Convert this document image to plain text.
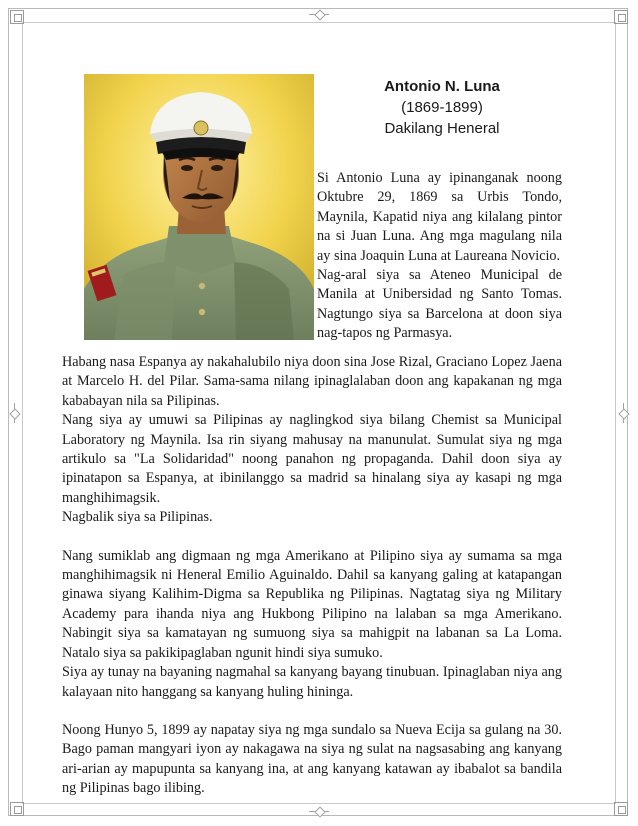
Antonio N. Luna
(1869-1899)
Dakilang Heneral

Si Antonio Luna ay ipinanganak noong Oktubre 29, 1869 sa Urbis Tondo, Maynila, Kapatid niya ang kilalang pintor na si Juan Luna. Ang mga magulang nila ay sina Joaquin Luna at Laureana Novicio.

Nag-aral siya sa Ateneo Municipal de Manila at Unibersidad ng Santo Tomas. Nagtungo siya sa Barcelona at doon siya nag-tapos ng Parmasya.

Habang nasa Espanya ay nakahalubilo niya doon sina Jose Rizal, Graciano Lopez Jaena at Marcelo H. del Pilar. Sama-sama nilang ipinaglalaban doon ang kapakanan ng mga kababayan nila sa Pilipinas.

Nang siya ay umuwi sa Pilipinas ay naglingkod siya bilang Chemist sa Municipal Laboratory ng Maynila. Isa rin siyang mahusay na manunulat. Sumulat siya ng mga artikulo sa "La Solidaridad" noong panahon ng propaganda. Dahil doon siya ay ipinatapon sa Espanya, at ibinilanggo sa madrid sa hinalang siya ay kasapi ng mga manghihimagsik.

Nagbalik siya sa Pilipinas.

Nang sumiklab ang digmaan ng mga Amerikano at Pilipino siya ay sumama sa mga manghihimagsik ni Heneral Emilio Aguinaldo. Dahil sa kanyang galing at katapangan ginawa siyang Kalihim-Digma sa Republika ng Pilipinas. Nagtatag siya ng Military Academy para ihanda niya ang Hukbong Pilipino na lalaban sa mga Amerikano. Nabingit siya sa kamatayan ng sumuong siya sa mahigpit na labanan sa La Loma. Natalo siya sa pakikipaglaban ngunit hindi siya sumuko.

Siya ay tunay na bayaning nagmahal sa kanyang bayang tinubuan. Ipinaglaban niya ang kalayaan nito hanggang sa kanyang huling hininga.

Noong Hunyo 5, 1899 ay napatay siya ng mga sundalo sa Nueva Ecija sa gulang na 30. Bago paman mangyari iyon ay nakagawa na siya ng sulat na nagsasabing ang kanyang ari-arian ay mapupunta sa kanyang ina, at ang kanyang katawan ay ibabalot sa bandila ng Pilipinas bago ilibing.
